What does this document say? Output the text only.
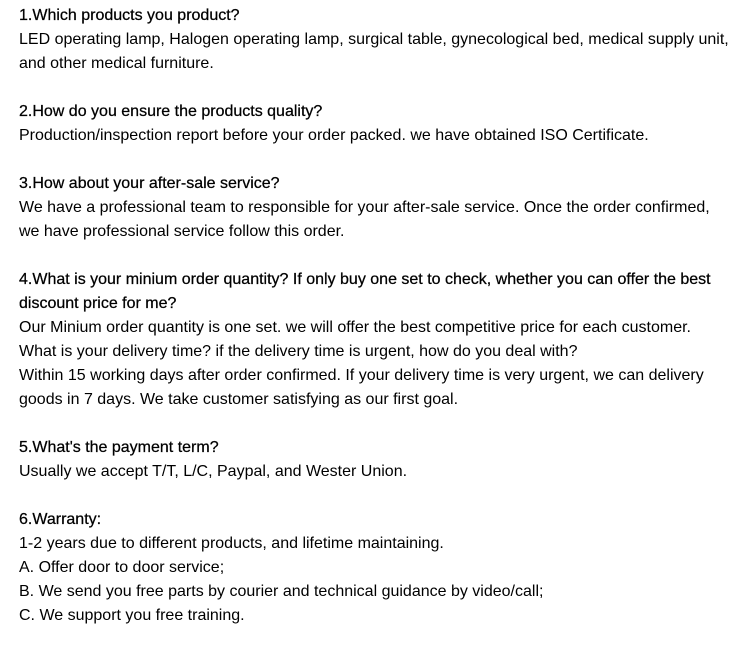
1.Which products you product?

LED operating lamp, Halogen operating lamp, surgical table, gynecological bed, medical supply unit, and other medical furniture.

2.How do you ensure the products quality?

Production/inspection report before your order packed. we have obtained ISO Certificate.

3.How about your after-sale service?

We have a professional team to responsible for your after-sale service. Once the order confirmed, we have professional service follow this order.

4.What is your minium order quantity? If only buy one set to check, whether you can offer the best discount price for me?

Our Minium order quantity is one set. we will offer the best competitive price for each customer.

What is your delivery time? if the delivery time is urgent, how do you deal with?

Within 15 working days after order confirmed. If your delivery time is very urgent, we can delivery goods in 7 days. We take customer satisfying as our first goal.

5.What's the payment term?

Usually we accept T/T, L/C, Paypal, and Wester Union.

6.Warranty:

1-2 years due to different products, and lifetime maintaining.

A. Offer door to door service;

B. We send you free parts by courier and technical guidance by video/call;

C. We support you free training.
